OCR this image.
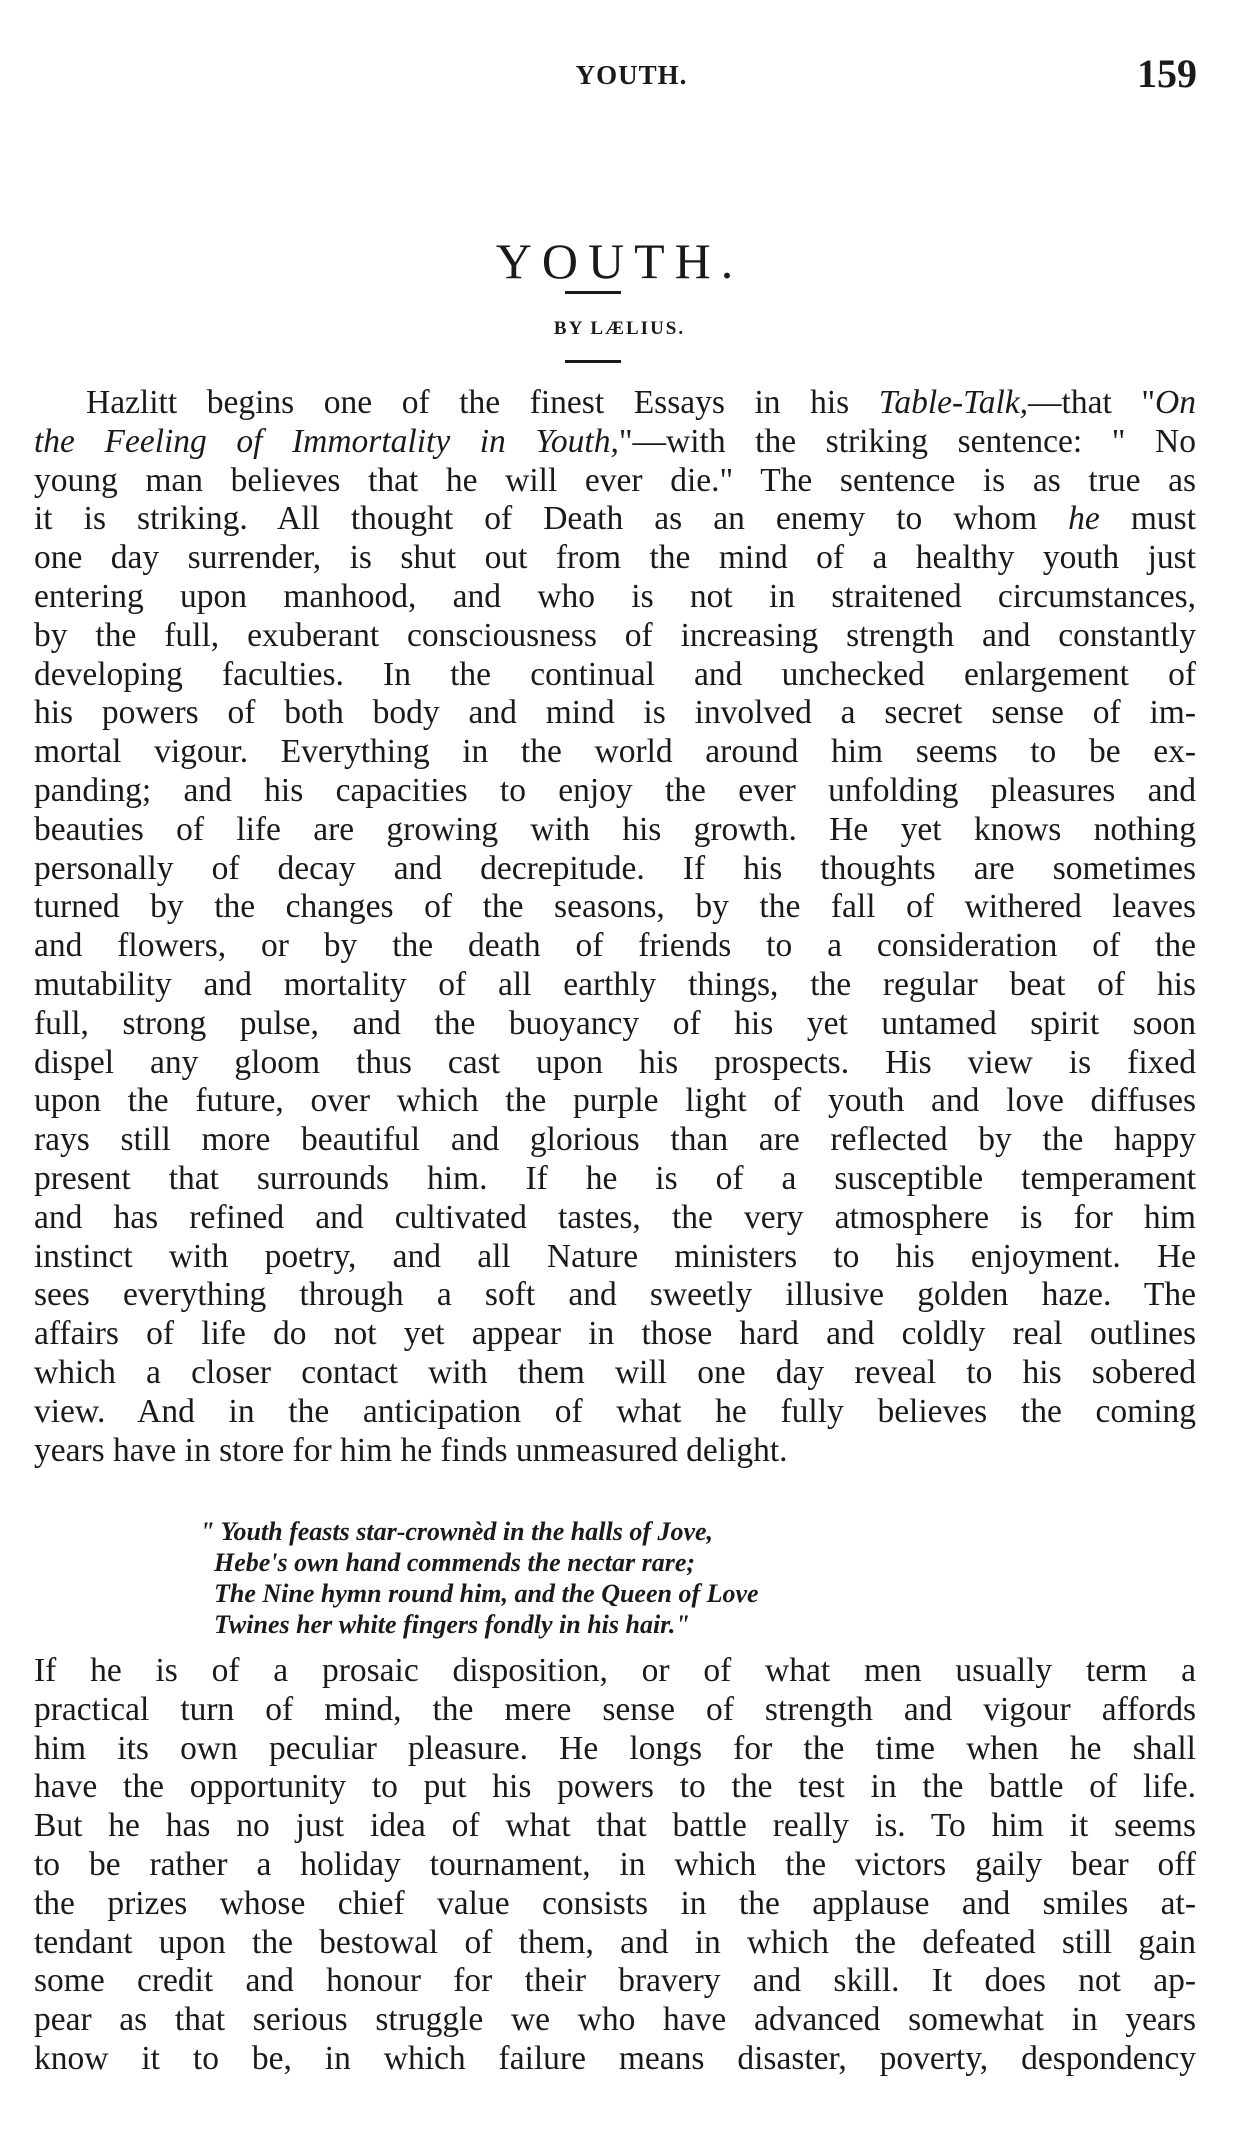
YOUTH.	159
YOUTH.
BY LÆLIUS.
Hazlitt begins one of the finest Essays in his Table-Talk,—that "On
the Feeling of Immortality in Youth,"—with the striking sentence: " No
young man believes that he will ever die." The sentence is as true as
it is striking. All thought of Death as an enemy to whom he must
one day surrender, is shut out from the mind of a healthy youth just
entering upon manhood, and who is not in straitened circumstances,
by the full, exuberant consciousness of increasing strength and constantly
developing faculties. In the continual and unchecked enlargement of
his powers of both body and mind is involved a secret sense of im-
mortal vigour. Everything in the world around him seems to be ex-
panding; and his capacities to enjoy the ever unfolding pleasures and
beauties of life are growing with his growth. He yet knows nothing
personally of decay and decrepitude. If his thoughts are sometimes
turned by the changes of the seasons, by the fall of withered leaves
and flowers, or by the death of friends to a consideration of the
mutability and mortality of all earthly things, the regular beat of his
full, strong pulse, and the buoyancy of his yet untamed spirit soon
dispel any gloom thus cast upon his prospects. His view is fixed
upon the future, over which the purple light of youth and love diffuses
rays still more beautiful and glorious than are reflected by the happy
present that surrounds him. If he is of a susceptible temperament
and has refined and cultivated tastes, the very atmosphere is for him
instinct with poetry, and all Nature ministers to his enjoyment. He
sees everything through a soft and sweetly illusive golden haze. The
affairs of life do not yet appear in those hard and coldly real outlines
which a closer contact with them will one day reveal to his sobered
view. And in the anticipation of what he fully believes the coming
years have in store for him he finds unmeasured delight.
" Youth feasts star-crownèd in the halls of Jove,
Hebe's own hand commends the nectar rare;
The Nine hymn round him, and the Queen of Love
Twines her white fingers fondly in his hair."
If he is of a prosaic disposition, or of what men usually term a
practical turn of mind, the mere sense of strength and vigour affords
him its own peculiar pleasure. He longs for the time when he shall
have the opportunity to put his powers to the test in the battle of life.
But he has no just idea of what that battle really is. To him it seems
to be rather a holiday tournament, in which the victors gaily bear off
the prizes whose chief value consists in the applause and smiles at-
tendant upon the bestowal of them, and in which the defeated still gain
some credit and honour for their bravery and skill. It does not ap-
pear as that serious struggle we who have advanced somewhat in years
know it to be, in which failure means disaster, poverty, despondency
